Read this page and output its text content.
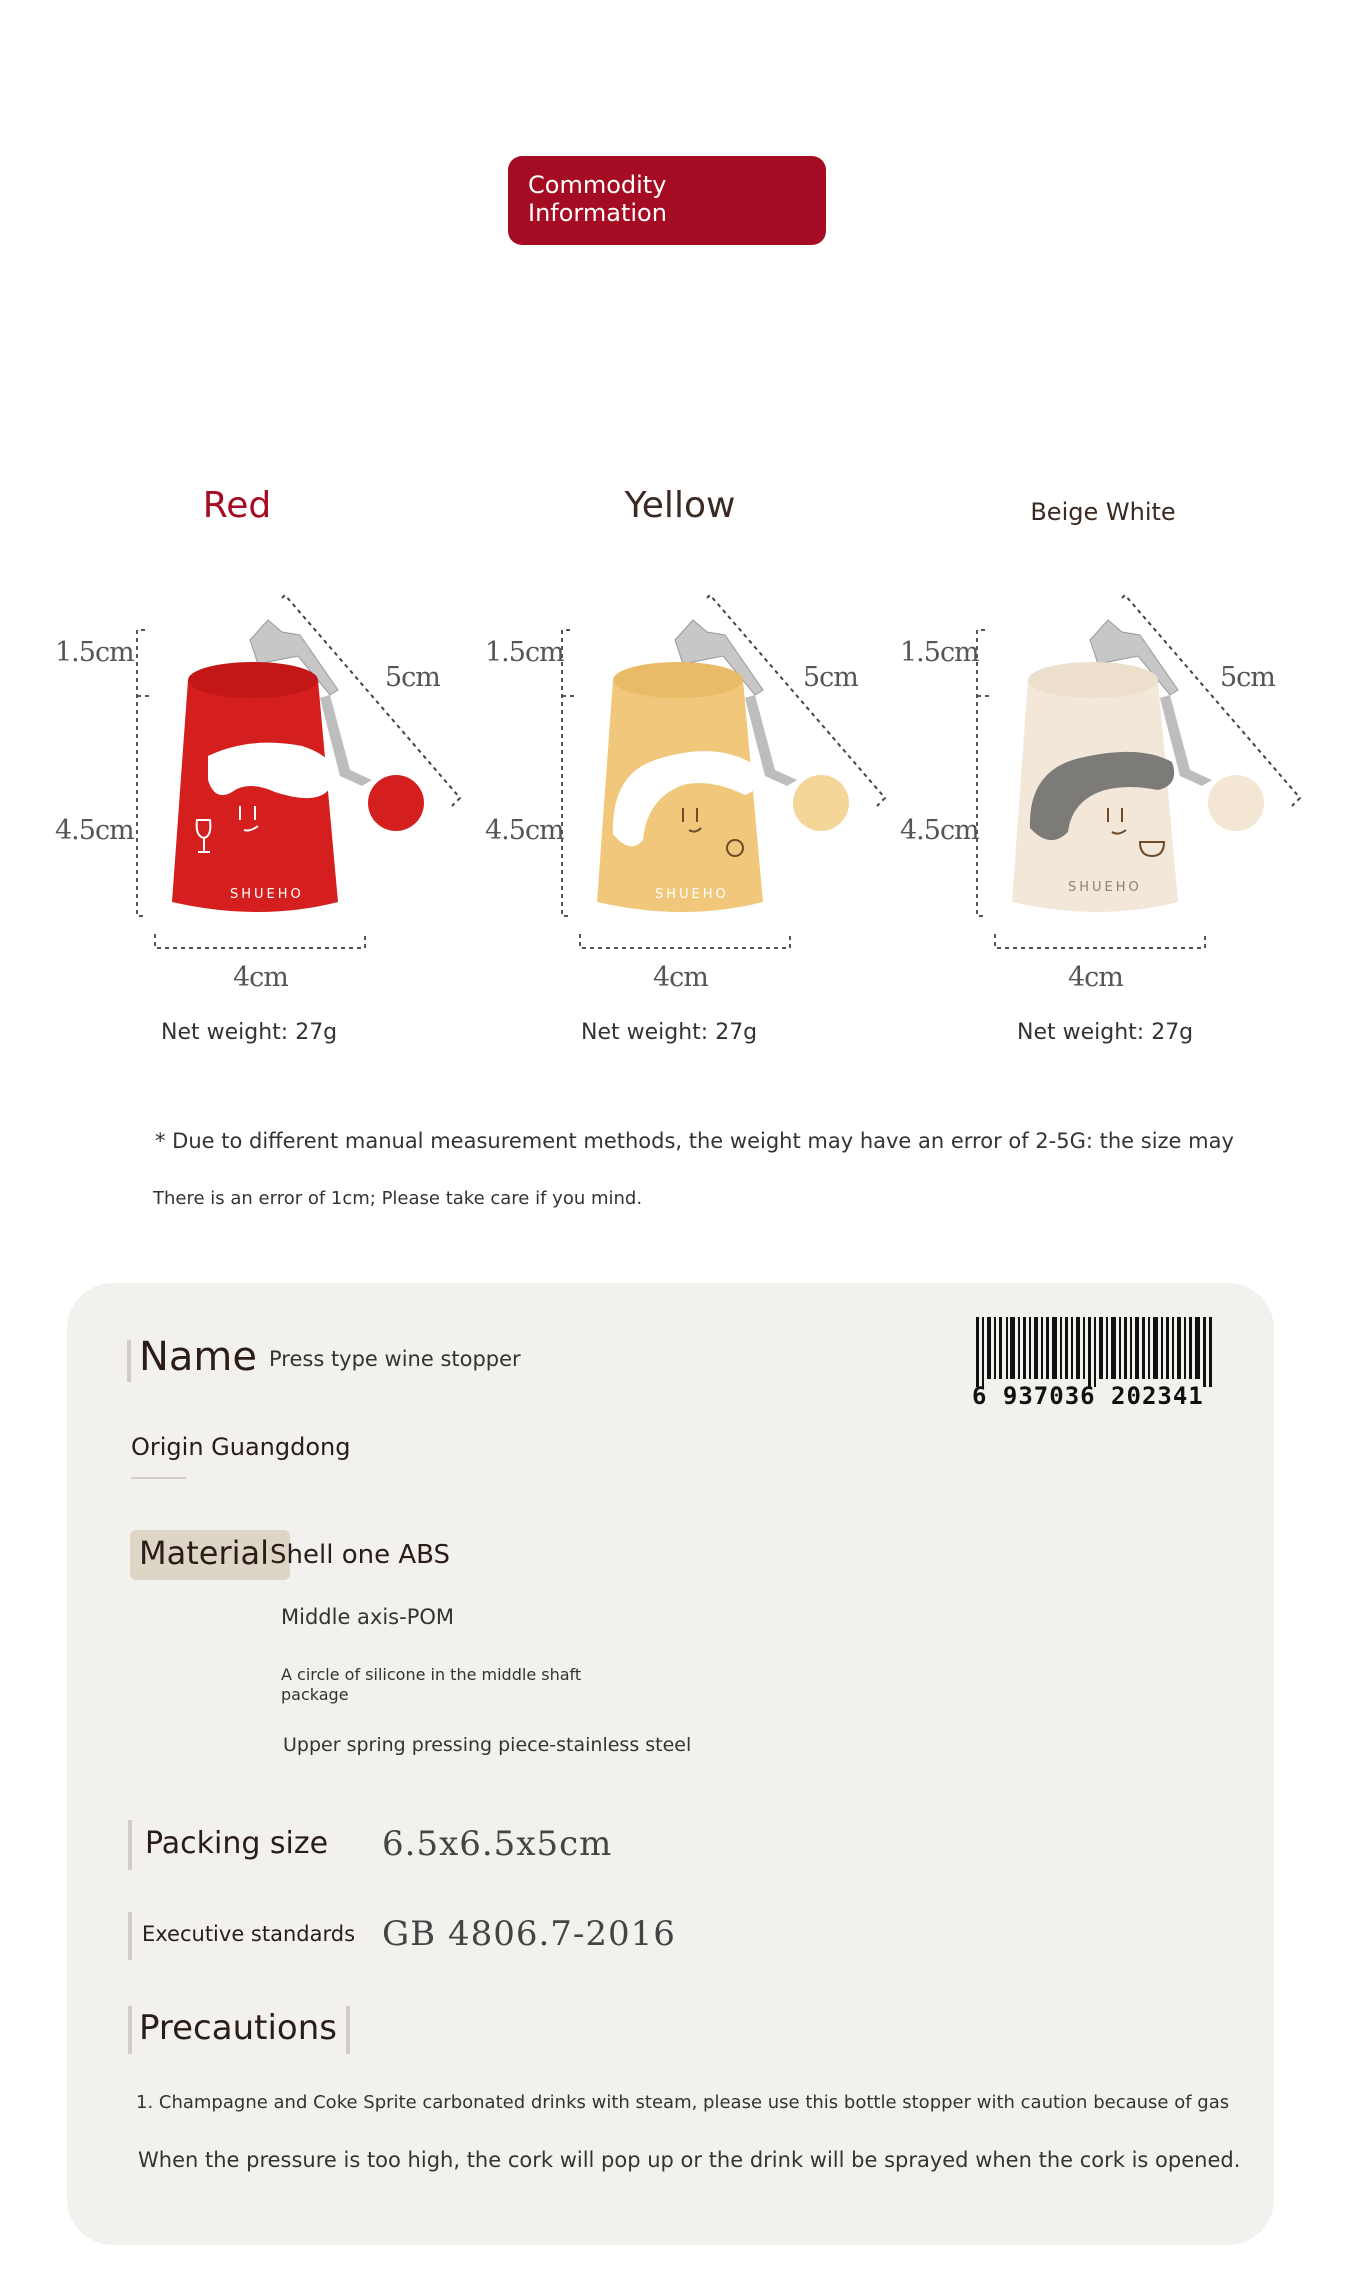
Commodity
Information
Red	Yellow	Beige White
SHUEHO	SHUEHO	SHUEHO
1.5cm
4.5cm
5cm
4cm
Net weight: 27g
1.5cm
4.5cm
5cm
4cm
Net weight: 27g
1.5cm
4.5cm
5cm
4cm
Net weight: 27g
* Due to different manual measurement methods, the weight may have an error of 2-5G: the size may
There is an error of 1cm; Please take care if you mind.
Name Press type wine stopper
6 937036 202341
Origin Guangdong
Material Shell one ABS
Middle axis-POM
A circle of silicone in the middle shaft package
Upper spring pressing piece-stainless steel
Packing size 6.5x6.5x5cm
Executive standards GB 4806.7-2016
Precautions
1. Champagne and Coke Sprite carbonated drinks with steam, please use this bottle stopper with caution because of gas
When the pressure is too high, the cork will pop up or the drink will be sprayed when the cork is opened.
